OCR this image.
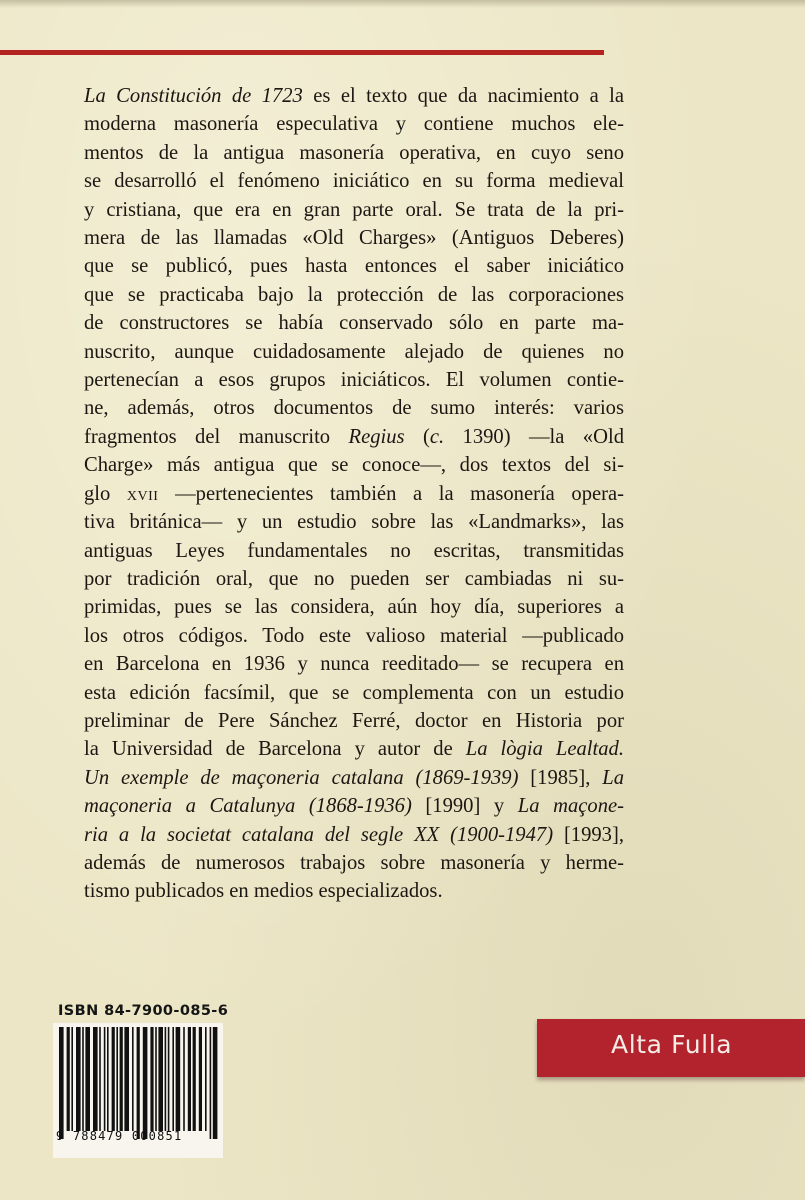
La Constitución de 1723 es el texto que da nacimiento a la
moderna masonería especulativa y contiene muchos ele-
mentos de la antigua masonería operativa, en cuyo seno
se desarrolló el fenómeno iniciático en su forma medieval
y cristiana, que era en gran parte oral. Se trata de la pri-
mera de las llamadas «Old Charges» (Antiguos Deberes)
que se publicó, pues hasta entonces el saber iniciático
que se practicaba bajo la protección de las corporaciones
de constructores se había conservado sólo en parte ma-
nuscrito, aunque cuidadosamente alejado de quienes no
pertenecían a esos grupos iniciáticos. El volumen contie-
ne, además, otros documentos de sumo interés: varios
fragmentos del manuscrito Regius (c. 1390) —la «Old
Charge» más antigua que se conoce—, dos textos del si-
glo xvii —pertenecientes también a la masonería opera-
tiva británica— y un estudio sobre las «Landmarks», las
antiguas Leyes fundamentales no escritas, transmitidas
por tradición oral, que no pueden ser cambiadas ni su-
primidas, pues se las considera, aún hoy día, superiores a
los otros códigos. Todo este valioso material —publicado
en Barcelona en 1936 y nunca reeditado— se recupera en
esta edición facsímil, que se complementa con un estudio
preliminar de Pere Sánchez Ferré, doctor en Historia por
la Universidad de Barcelona y autor de La lògia Lealtad.
Un exemple de maçoneria catalana (1869-1939) [1985], La
maçoneria a Catalunya (1868-1936) [1990] y La maçone-
ria a la societat catalana del segle XX (1900-1947) [1993],
además de numerosos trabajos sobre masonería y herme-
tismo publicados en medios especializados.
ISBN 84-7900-085-6
9 788479 000851
Alta Fulla
